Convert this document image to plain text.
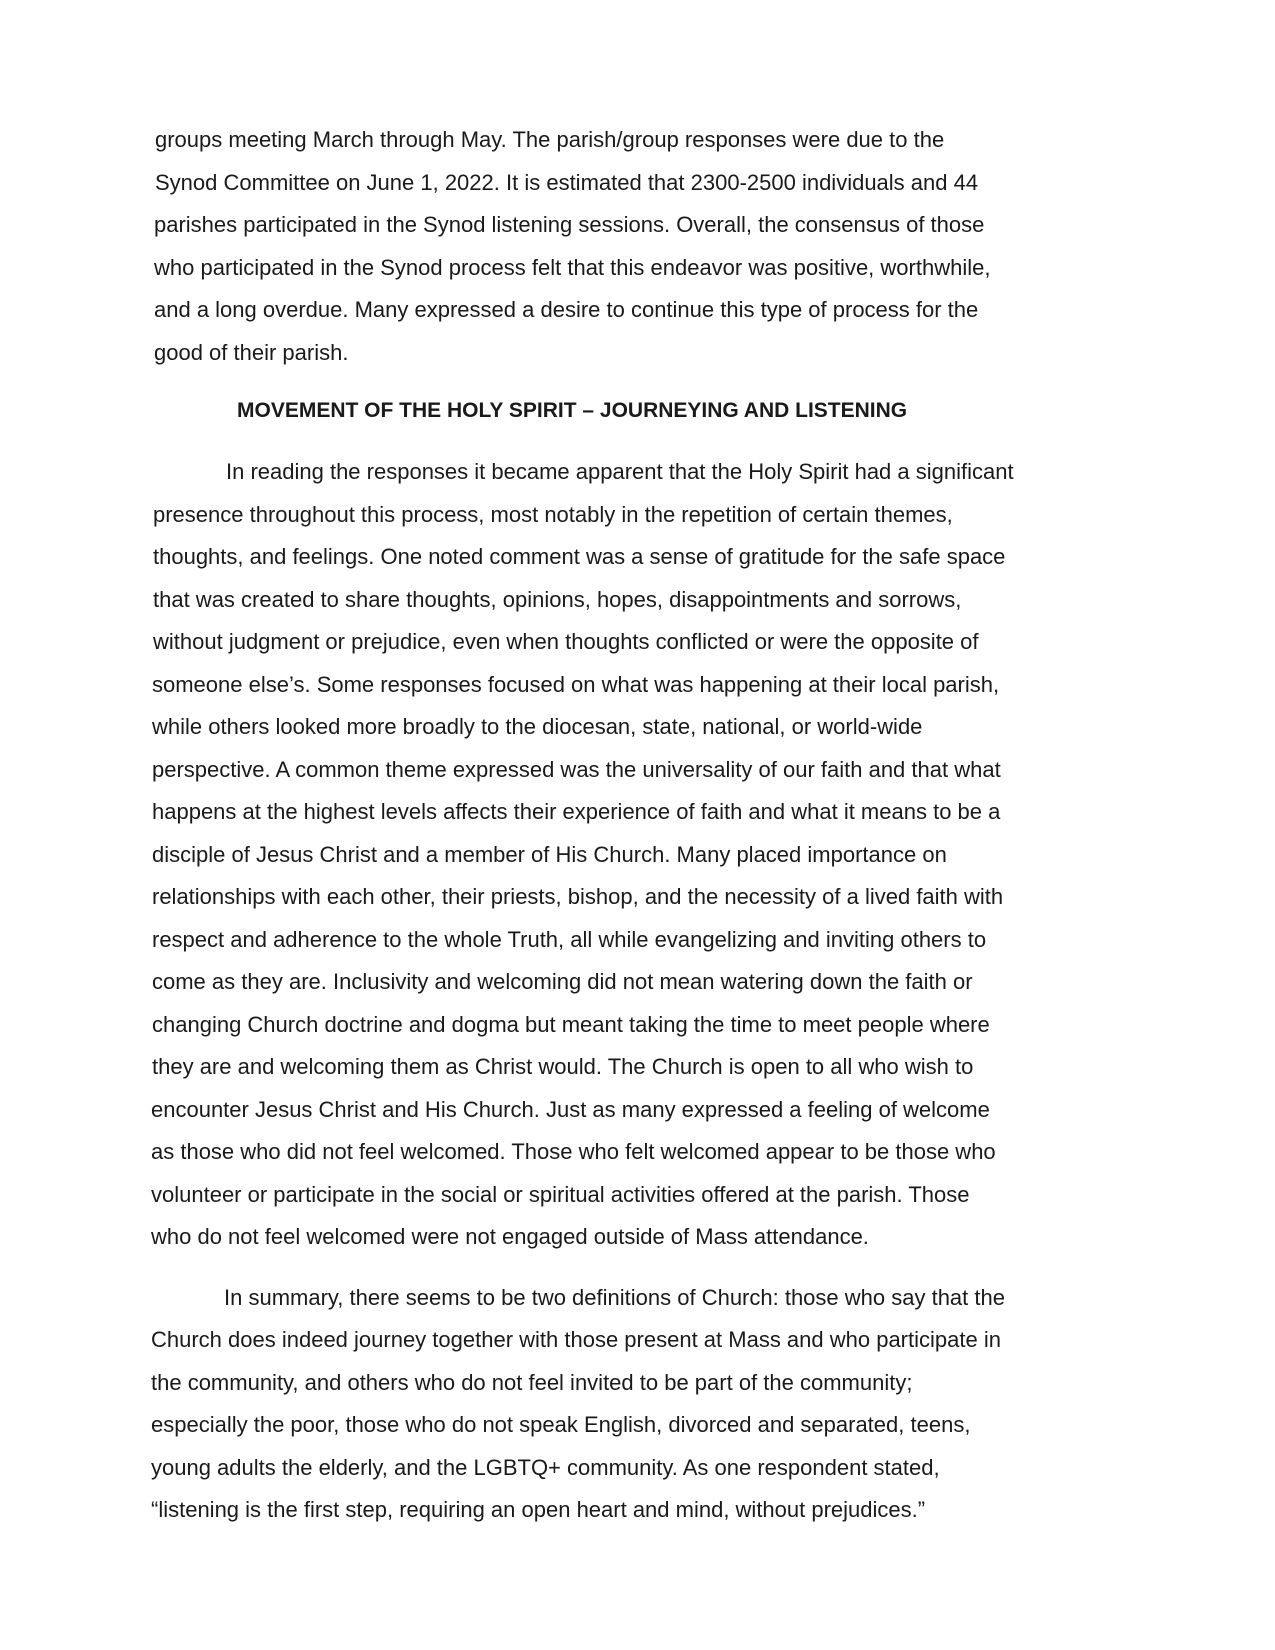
groups meeting March through May. The parish/group responses were due to the
Synod Committee on June 1, 2022. It is estimated that 2300-2500 individuals and 44
parishes participated in the Synod listening sessions. Overall, the consensus of those
who participated in the Synod process felt that this endeavor was positive, worthwhile,
and a long overdue. Many expressed a desire to continue this type of process for the
good of their parish.
MOVEMENT OF THE HOLY SPIRIT – JOURNEYING AND LISTENING
In reading the responses it became apparent that the Holy Spirit had a significant
presence throughout this process, most notably in the repetition of certain themes,
thoughts, and feelings. One noted comment was a sense of gratitude for the safe space
that was created to share thoughts, opinions, hopes, disappointments and sorrows,
without judgment or prejudice, even when thoughts conflicted or were the opposite of
someone else’s. Some responses focused on what was happening at their local parish,
while others looked more broadly to the diocesan, state, national, or world-wide
perspective. A common theme expressed was the universality of our faith and that what
happens at the highest levels affects their experience of faith and what it means to be a
disciple of Jesus Christ and a member of His Church. Many placed importance on
relationships with each other, their priests, bishop, and the necessity of a lived faith with
respect and adherence to the whole Truth, all while evangelizing and inviting others to
come as they are. Inclusivity and welcoming did not mean watering down the faith or
changing Church doctrine and dogma but meant taking the time to meet people where
they are and welcoming them as Christ would. The Church is open to all who wish to
encounter Jesus Christ and His Church. Just as many expressed a feeling of welcome
as those who did not feel welcomed. Those who felt welcomed appear to be those who
volunteer or participate in the social or spiritual activities offered at the parish. Those
who do not feel welcomed were not engaged outside of Mass attendance.
In summary, there seems to be two definitions of Church: those who say that the
Church does indeed journey together with those present at Mass and who participate in
the community, and others who do not feel invited to be part of the community;
especially the poor, those who do not speak English, divorced and separated, teens,
young adults the elderly, and the LGBTQ+ community. As one respondent stated,
“listening is the first step, requiring an open heart and mind, without prejudices.”
